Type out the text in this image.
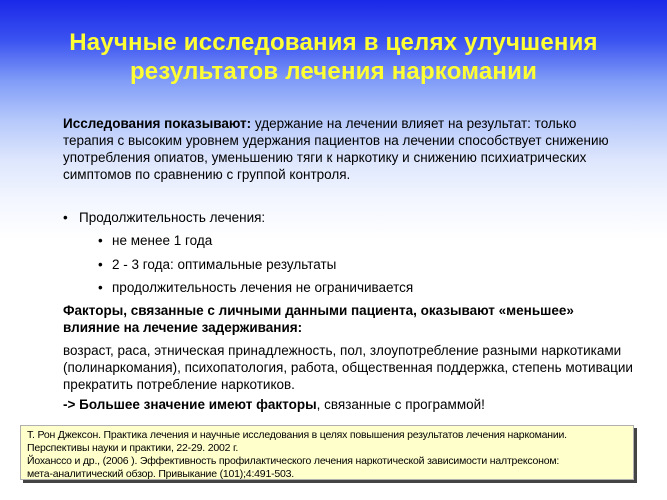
Научные исследования в целях улучшения
результатов лечения наркомании
Исследования показывают: удержание на лечении влияет на результат: только терапия с высоким уровнем удержания пациентов на лечении способствует снижению употребления опиатов, уменьшению тяги к наркотику и снижению психиатрических симптомов по сравнению с группой контроля.
• Продолжительность лечения:
• не менее 1 года
• 2 - 3 года: оптимальные результаты
• продолжительность лечения не ограничивается
Факторы, связанные с личными данными пациента, оказывают «меньшее» влияние на лечение задерживания:
возраст, раса, этническая принадлежность, пол, злоупотребление разными наркотиками (полинаркомания), психопатология, работа, общественная поддержка, степень мотивации прекратить потребление наркотиков.
-> Большее значение имеют факторы, связанные с программой!
Т. Рон Джексон. Практика лечения и научные исследования в целях повышения результатов лечения наркомании.
Перспективы науки и практики, 22-29. 2002 г.
Йохансcо и др., (2006 ). Эффективность профилактического лечения наркотической зависимости налтрексоном:
мета-аналитический обзор. Привыкание (101);4:491-503.
